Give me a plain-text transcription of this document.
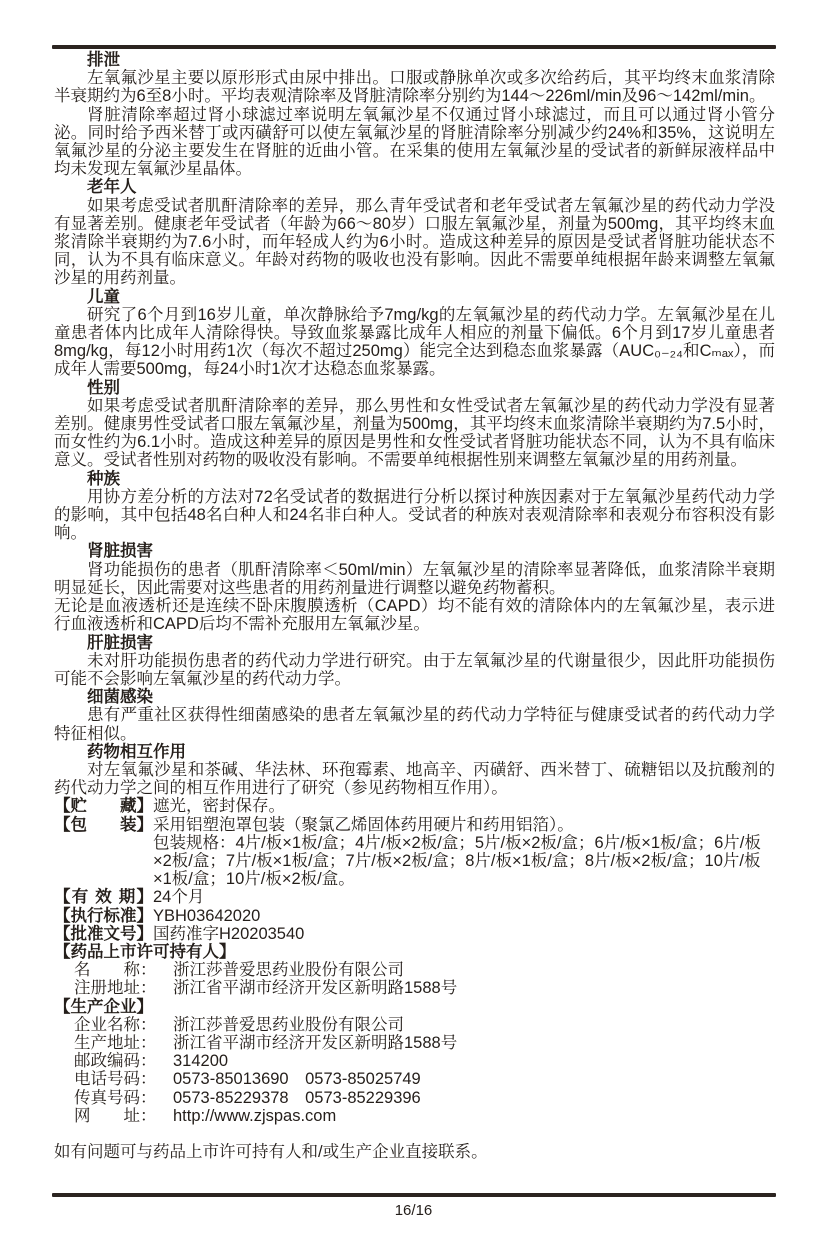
排泄

左氧氟沙星主要以原形形式由尿中排出。口服或静脉单次或多次给药后，其平均终末血浆清除半衰期约为6至8小时。平均表观清除率及肾脏清除率分别约为144～226ml/min及96～142ml/min。

肾脏清除率超过肾小球滤过率说明左氧氟沙星不仅通过肾小球滤过，而且可以通过肾小管分泌。同时给予西米替丁或丙磺舒可以使左氧氟沙星的肾脏清除率分别减少约24%和35%，这说明左氧氟沙星的分泌主要发生在肾脏的近曲小管。在采集的使用左氧氟沙星的受试者的新鲜尿液样品中均未发现左氧氟沙星晶体。

老年人

如果考虑受试者肌酐清除率的差异，那么青年受试者和老年受试者左氧氟沙星的药代动力学没有显著差别。健康老年受试者（年龄为66～80岁）口服左氧氟沙星，剂量为500mg，其平均终末血浆清除半衰期约为7.6小时，而年轻成人约为6小时。造成这种差异的原因是受试者肾脏功能状态不同，认为不具有临床意义。年龄对药物的吸收也没有影响。因此不需要单纯根据年龄来调整左氧氟沙星的用药剂量。

儿童

研究了6个月到16岁儿童，单次静脉给予7mg/kg的左氧氟沙星的药代动力学。左氧氟沙星在儿童患者体内比成年人清除得快。导致血浆暴露比成年人相应的剂量下偏低。6个月到17岁儿童患者8mg/kg，每12小时用药1次（每次不超过250mg）能完全达到稳态血浆暴露（AUC₀₋₂₄和Cₘₐₓ），而成年人需要500mg，每24小时1次才达稳态血浆暴露。

性别

如果考虑受试者肌酐清除率的差异，那么男性和女性受试者左氧氟沙星的药代动力学没有显著差别。健康男性受试者口服左氧氟沙星，剂量为500mg，其平均终末血浆清除半衰期约为7.5小时，而女性约为6.1小时。造成这种差异的原因是男性和女性受试者肾脏功能状态不同，认为不具有临床意义。受试者性别对药物的吸收没有影响。不需要单纯根据性别来调整左氧氟沙星的用药剂量。

种族

用协方差分析的方法对72名受试者的数据进行分析以探讨种族因素对于左氧氟沙星药代动力学的影响，其中包括48名白种人和24名非白种人。受试者的种族对表观清除率和表观分布容积没有影响。

肾脏损害

肾功能损伤的患者（肌酐清除率＜50ml/min）左氧氟沙星的清除率显著降低，血浆清除半衰期明显延长，因此需要对这些患者的用药剂量进行调整以避免药物蓄积。

无论是血液透析还是连续不卧床腹膜透析（CAPD）均不能有效的清除体内的左氧氟沙星，表示进行血液透析和CAPD后均不需补充服用左氧氟沙星。

肝脏损害

未对肝功能损伤患者的药代动力学进行研究。由于左氧氟沙星的代谢量很少，因此肝功能损伤可能不会影响左氧氟沙星的药代动力学。

细菌感染

患有严重社区获得性细菌感染的患者左氧氟沙星的药代动力学特征与健康受试者的药代动力学特征相似。

药物相互作用

对左氧氟沙星和茶碱、华法林、环孢霉素、地高辛、丙磺舒、西米替丁、硫糖铝以及抗酸剂的药代动力学之间的相互作用进行了研究（参见药物相互作用）。

【贮　　藏】 遮光，密封保存。
【包　　装】 采用铝塑泡罩包装（聚氯乙烯固体药用硬片和药用铝箔）。
包装规格：4片/板×1板/盒；4片/板×2板/盒；5片/板×2板/盒；6片/板×1板/盒；6片/板×2板/盒；7片/板×1板/盒；7片/板×2板/盒；8片/板×1板/盒；8片/板×2板/盒；10片/板×1板/盒；10片/板×2板/盒。
【有 效 期】 24个月
【执行标准】 YBH03642020
【批准文号】 国药准字H20203540
【药品上市许可持有人】
名　　称：	浙江莎普爱思药业股份有限公司
注册地址：	浙江省平湖市经济开发区新明路1588号
【生产企业】
企业名称：	浙江莎普爱思药业股份有限公司
生产地址：	浙江省平湖市经济开发区新明路1588号
邮政编码：	314200
电话号码：	0573-85013690　0573-85025749
传真号码：	0573-85229378　0573-85229396
网　　址：	http://www.zjspas.com

如有问题可与药品上市许可持有人和/或生产企业直接联系。

16/16
